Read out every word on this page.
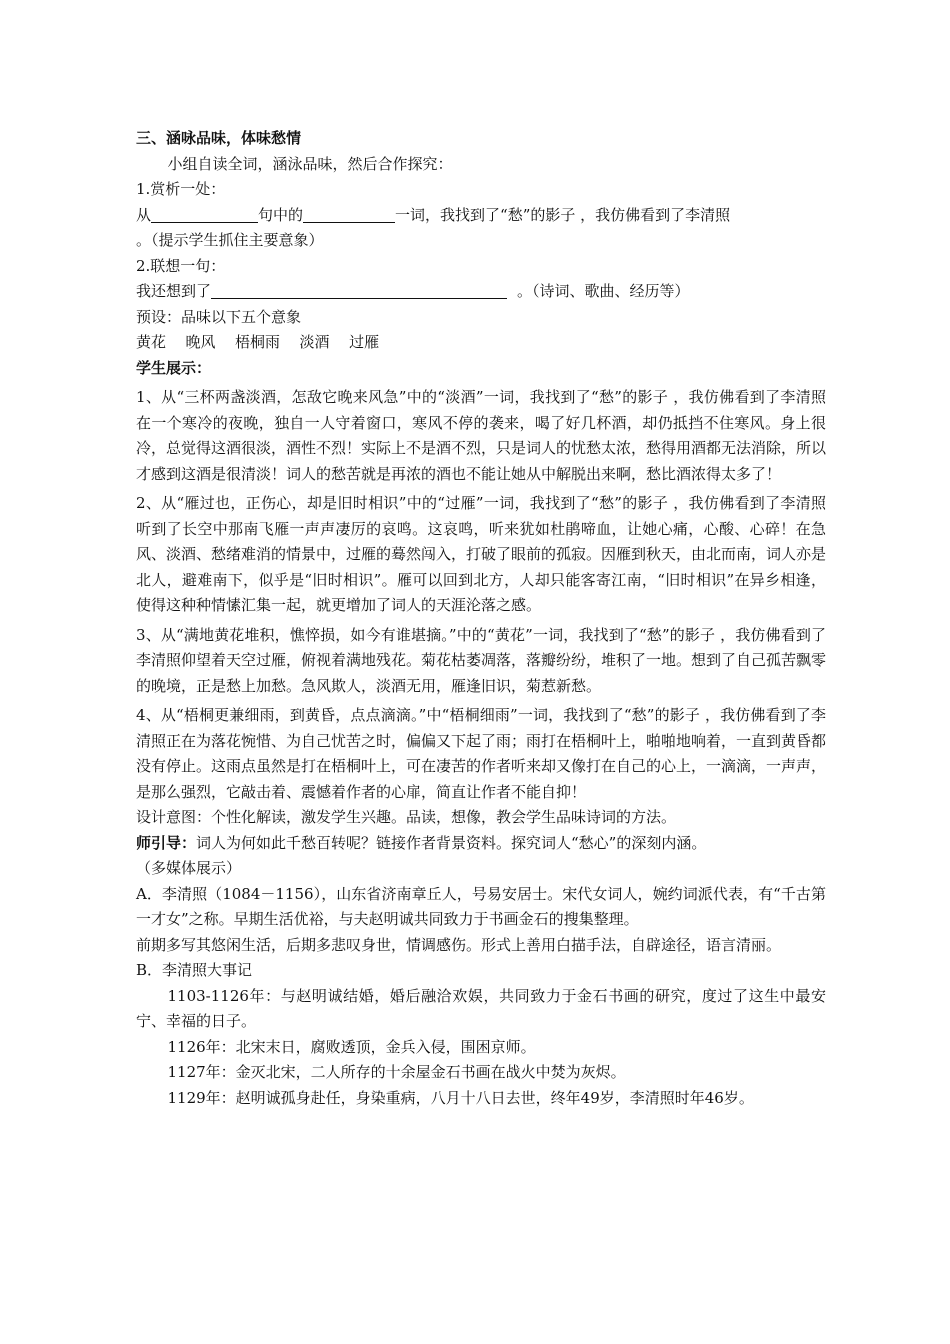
三、涵咏品味，体味愁情

小组自读全词，涵泳品味，然后合作探究：

1.赏析一处：

从	句中的	一词，我找到了“愁”的影子 ，我仿佛看到了李清照

。（提示学生抓住主要意象）

2.联想一句：

我还想到了	。（诗词、歌曲、经历等）

预设：品味以下五个意象

黄花 晚风 梧桐雨 淡酒 过雁

学生展示：

1、从“三杯两盏淡酒，怎敌它晚来风急”中的“淡酒”一词，我找到了“愁”的影子 ，我仿佛看到了李清照在一个寒冷的夜晚，独自一人守着窗口，寒风不停的袭来，喝了好几杯酒，却仍抵挡不住寒风。身上很冷，总觉得这酒很淡，酒性不烈！实际上不是酒不烈，只是词人的忧愁太浓，愁得用酒都无法消除，所以才感到这酒是很清淡！词人的愁苦就是再浓的酒也不能让她从中解脱出来啊，愁比酒浓得太多了！

2、从“雁过也，正伤心，却是旧时相识”中的“过雁”一词，我找到了“愁”的影子 ，我仿佛看到了李清照听到了长空中那南飞雁一声声凄厉的哀鸣。这哀鸣，听来犹如杜鹃啼血，让她心痛，心酸、心碎！在急风、淡酒、愁绪难消的情景中，过雁的蓦然闯入，打破了眼前的孤寂。因雁到秋天，由北而南，词人亦是北人，避难南下，似乎是“旧时相识”。雁可以回到北方，人却只能客寄江南，“旧时相识”在异乡相逢，使得这种种情愫汇集一起，就更增加了词人的天涯沦落之感。

3、从“满地黄花堆积，憔悴损，如今有谁堪摘。”中的“黄花”一词，我找到了“愁”的影子 ，我仿佛看到了李清照仰望着天空过雁，俯视着满地残花。菊花枯萎凋落，落瓣纷纷，堆积了一地。想到了自己孤苦飘零的晚境，正是愁上加愁。急风欺人，淡酒无用，雁逢旧识，菊惹新愁。

4、从“梧桐更兼细雨，到黄昏，点点滴滴。”中“梧桐细雨”一词，我找到了“愁”的影子 ，我仿佛看到了李清照正在为落花惋惜、为自己忧苦之时，偏偏又下起了雨；雨打在梧桐叶上，啪啪地响着，一直到黄昏都没有停止。这雨点虽然是打在梧桐叶上，可在凄苦的作者听来却又像打在自己的心上，一滴滴，一声声，是那么强烈，它敲击着、震憾着作者的心扉，简直让作者不能自抑！

设计意图：个性化解读，激发学生兴趣。品读，想像，教会学生品味诗词的方法。

师引导：词人为何如此千愁百转呢？链接作者背景资料。探究词人“愁心”的深刻内涵。

（多媒体展示）

A．李清照（1084－1156），山东省济南章丘人，号易安居士。宋代女词人，婉约词派代表，有“千古第一才女”之称。早期生活优裕，与夫赵明诚共同致力于书画金石的搜集整理。

前期多写其悠闲生活，后期多悲叹身世，情调感伤。形式上善用白描手法，自辟途径，语言清丽。

B．李清照大事记

1103-1126年：与赵明诚结婚，婚后融洽欢娱，共同致力于金石书画的研究，度过了这生中最安宁、幸福的日子。

1126年：北宋末日，腐败透顶，金兵入侵，围困京师。

1127年：金灭北宋，二人所存的十余屋金石书画在战火中焚为灰烬。

1129年：赵明诚孤身赴任，身染重病，八月十八日去世，终年49岁，李清照时年46岁。
